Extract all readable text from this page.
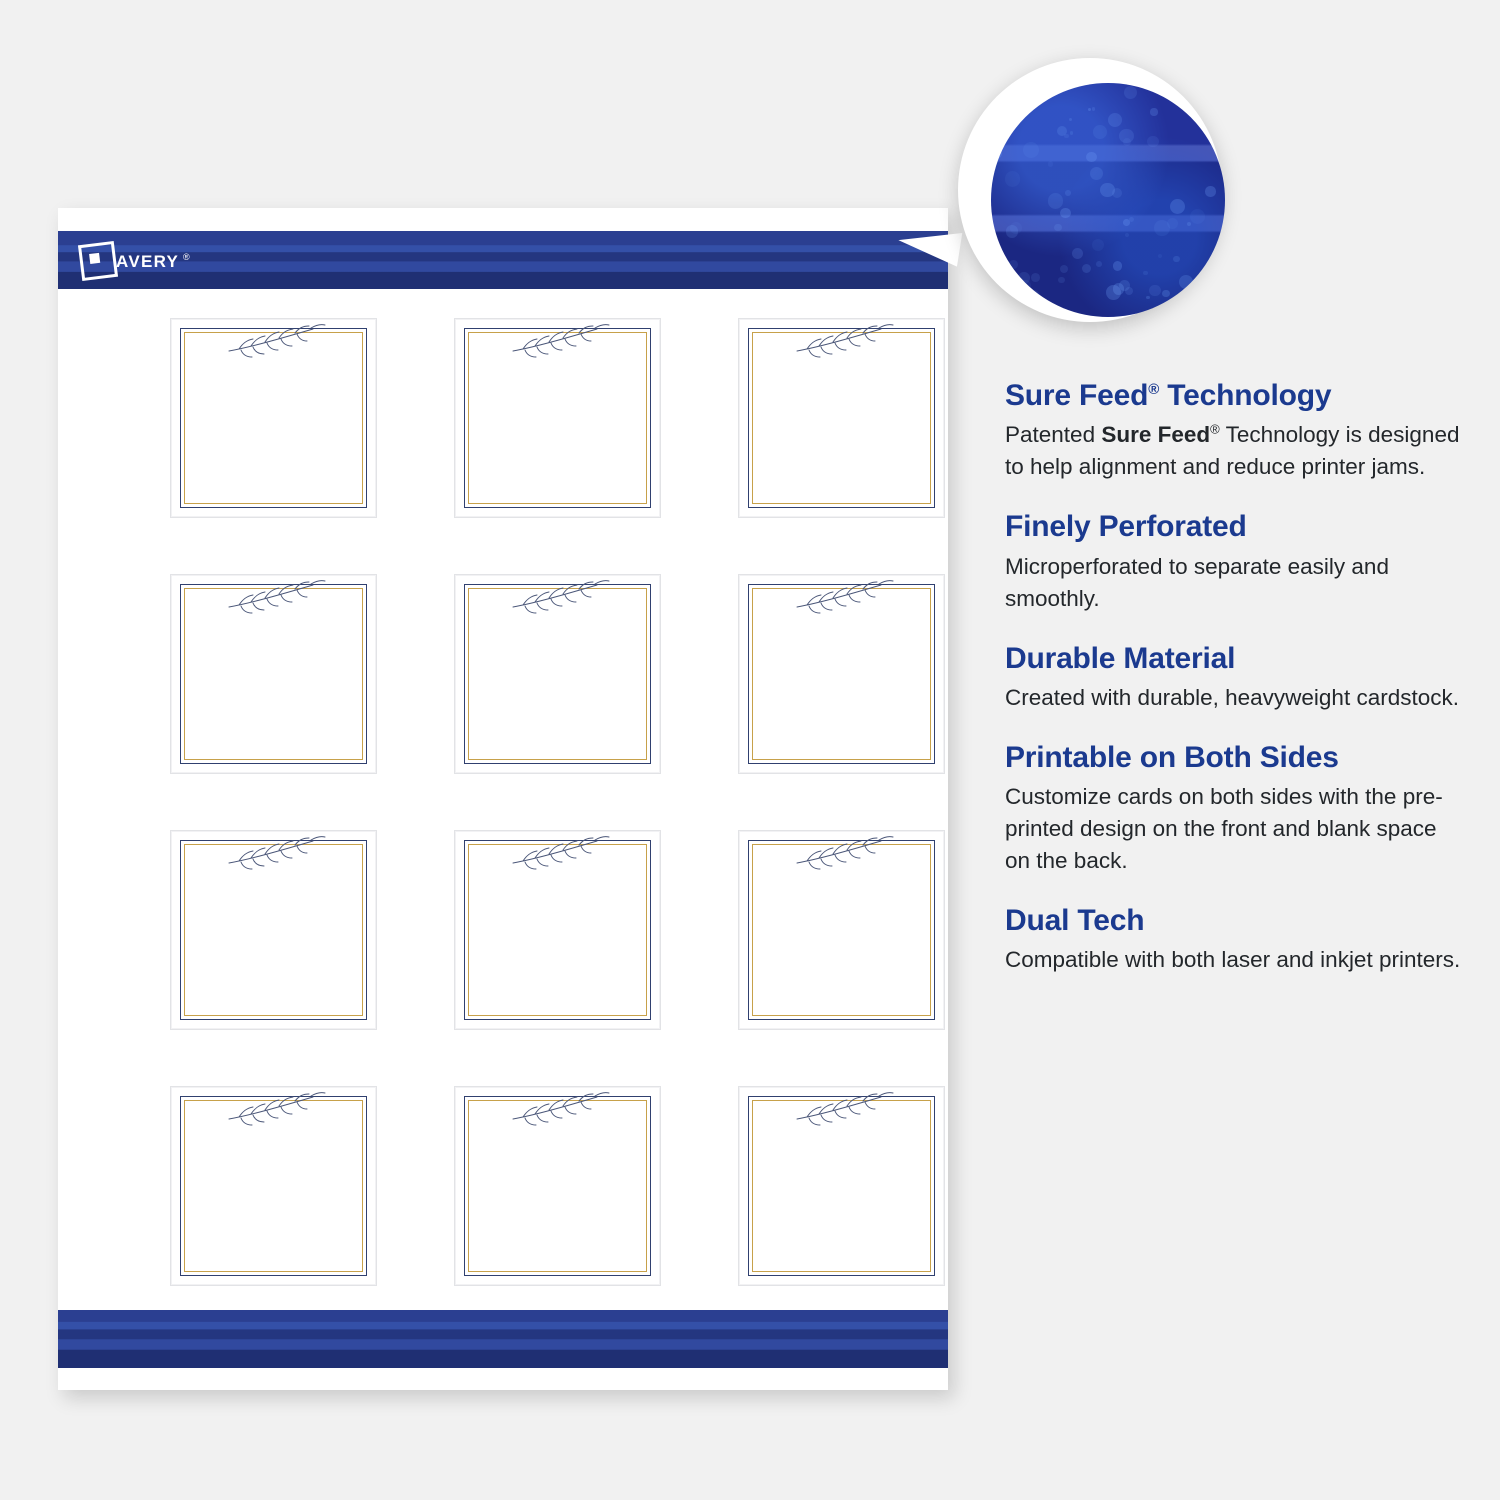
AVERY ®
Sure Feed® Technology

Patented Sure Feed® Technology is designed to help alignment and reduce printer jams.

Finely Perforated

Microperforated to separate easily and smoothly.

Durable Material

Created with durable, heavyweight cardstock.

Printable on Both Sides

Customize cards on both sides with the pre-printed design on the front and blank space on the back.

Dual Tech

Compatible with both laser and inkjet printers.
